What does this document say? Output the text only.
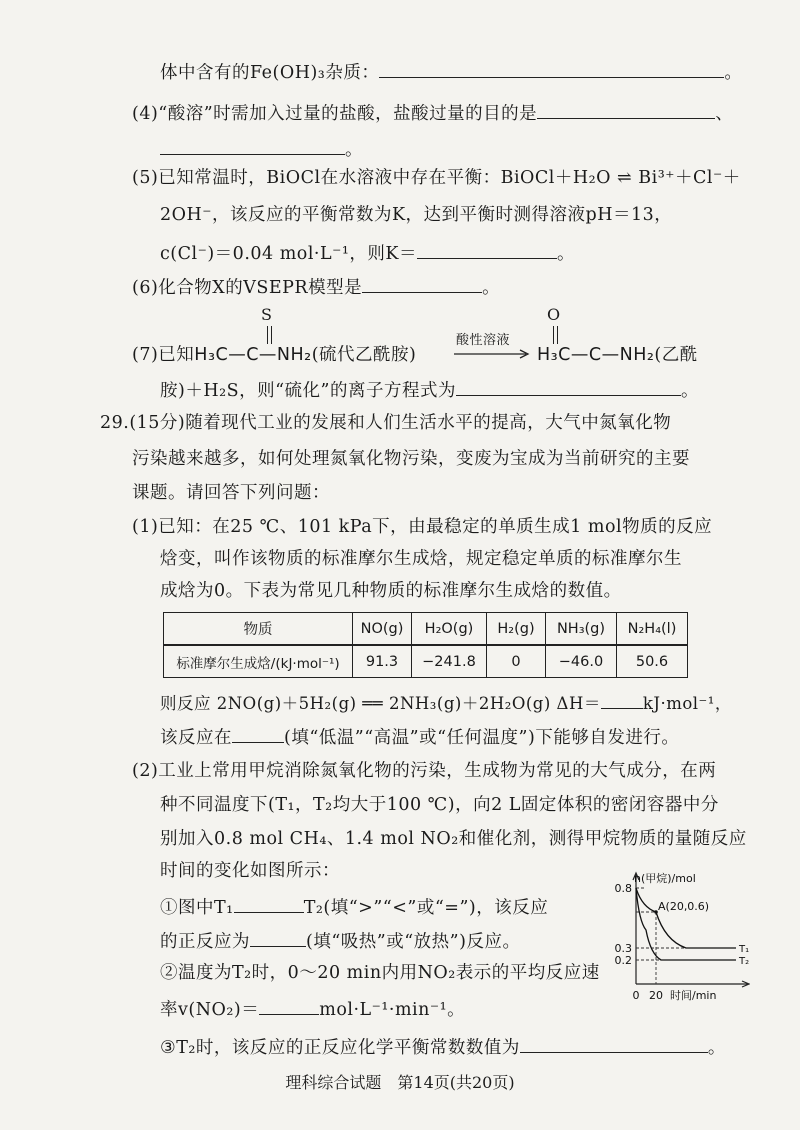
体中含有的Fe(OH)₃杂质：	。
(4)“酸溶”时需加入过量的盐酸，盐酸过量的目的是	、
。
(5)已知常温时，BiOCl在水溶液中存在平衡：BiOCl＋H₂O ⇌ Bi³⁺＋Cl⁻＋
2OH⁻，该反应的平衡常数为K，达到平衡时测得溶液pH＝13，
c(Cl⁻)＝0.04 mol·L⁻¹，则K＝	。
(6)化合物X的VSEPR模型是	。
S	O
(7)已知H₃C—C—NH₂(硫代乙酰胺)
酸性溶液
H₃C—C—NH₂(乙酰
胺)＋H₂S，则“硫化”的离子方程式为	。
29.(15分)随着现代工业的发展和人们生活水平的提高，大气中氮氧化物
污染越来越多，如何处理氮氧化物污染，变废为宝成为当前研究的主要
课题。请回答下列问题：
(1)已知：在25 ℃、101 kPa下，由最稳定的单质生成1 mol物质的反应
焓变，叫作该物质的标准摩尔生成焓，规定稳定单质的标准摩尔生
成焓为0。下表为常见几种物质的标准摩尔生成焓的数值。
物质	NO(g)	H₂O(g)	H₂(g)	NH₃(g)	N₂H₄(l)
标准摩尔生成焓/(kJ·mol⁻¹)	91.3	−241.8	0	−46.0	50.6
则反应 2NO(g)＋5H₂(g) ══ 2NH₃(g)＋2H₂O(g) ΔH＝	kJ·mol⁻¹，
该反应在	(填“低温”“高温”或“任何温度”)下能够自发进行。
(2)工业上常用甲烷消除氮氧化物的污染，生成物为常见的大气成分，在两
种不同温度下(T₁，T₂均大于100 ℃)，向2 L固定体积的密闭容器中分
别加入0.8 mol CH₄、1.4 mol NO₂和催化剂，测得甲烷物质的量随反应
时间的变化如图所示：
①图中T₁	T₂(填“>”“<”或“=”)，该反应
的正反应为	(填“吸热”或“放热”)反应。
②温度为T₂时，0～20 min内用NO₂表示的平均反应速
率v(NO₂)＝	mol·L⁻¹·min⁻¹。
③T₂时，该反应的正反应化学平衡常数数值为	。
T₁
T₂
A(20,0.6)
n(甲烷)/mol
0.8
0.3
0.2
0 20 时间/min
理科综合试题　第14页(共20页)
